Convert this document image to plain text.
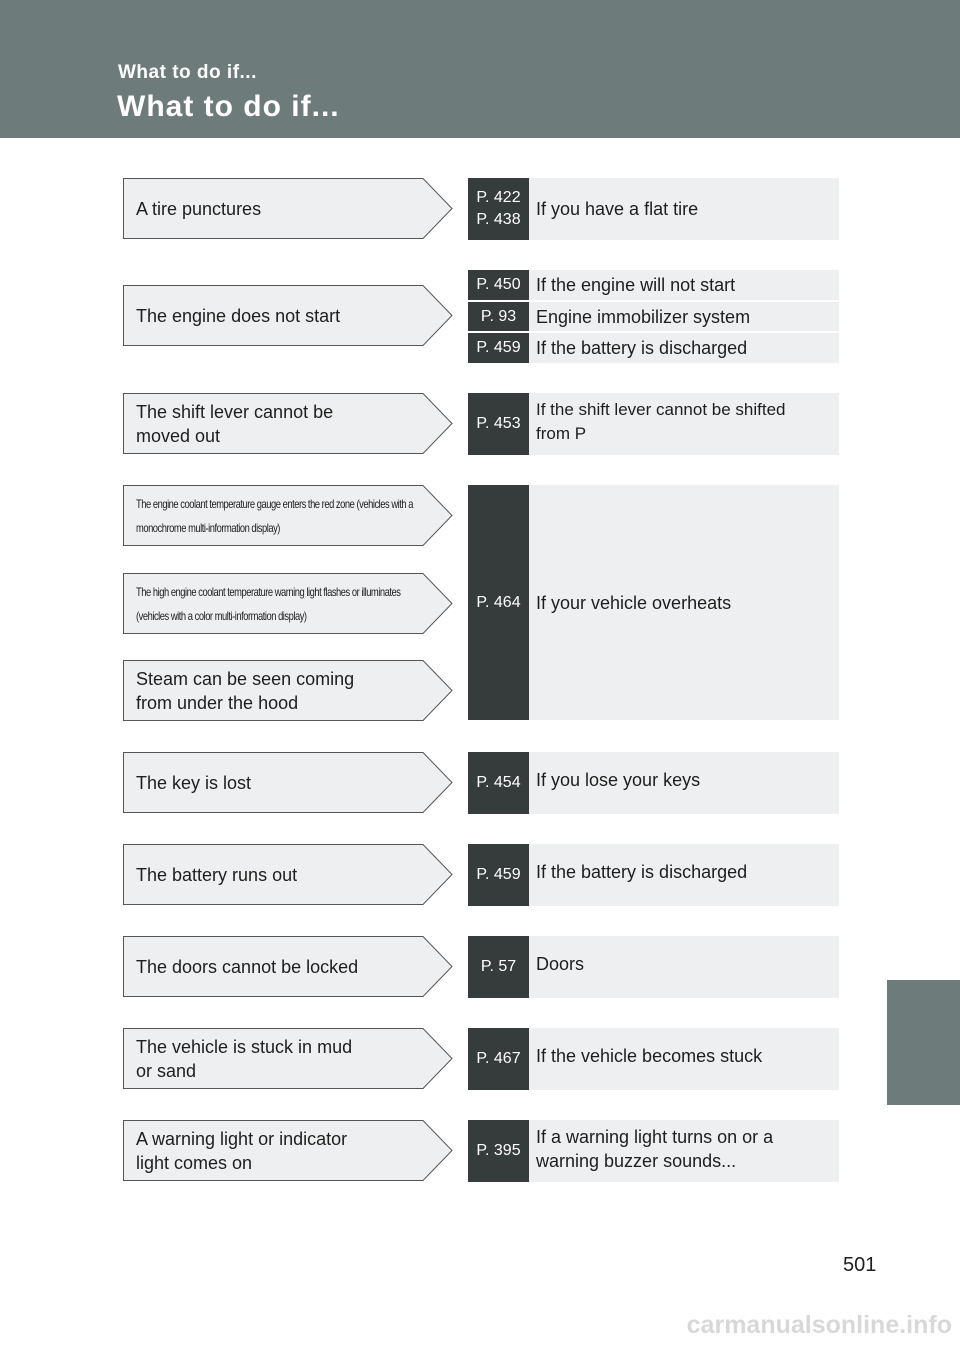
What to do if...
What to do if...
A tire punctures
The engine does not start
The shift lever cannot be moved out
The engine coolant temperature gauge enters the red zone (vehicles with a monochrome multi-information display)
The high engine coolant temperature warning light flashes or illuminates (vehicles with a color multi-information display)
Steam can be seen coming from under the hood
The key is lost
The battery runs out
The doors cannot be locked
The vehicle is stuck in mud or sand
A warning light or indicator light comes on
P. 422
P. 438
If you have a flat tire
P. 450 If the engine will not start
P. 93	Engine immobilizer system
P. 459 If the battery is discharged
P. 453
If the shift lever cannot be shifted from P
P. 464 If your vehicle overheats
P. 454 If you lose your keys
P. 459 If the battery is discharged
P. 57	Doors
P. 467 If the vehicle becomes stuck
P. 395
If a warning light turns on or a warning buzzer sounds...
501
carmanualsonline.info
